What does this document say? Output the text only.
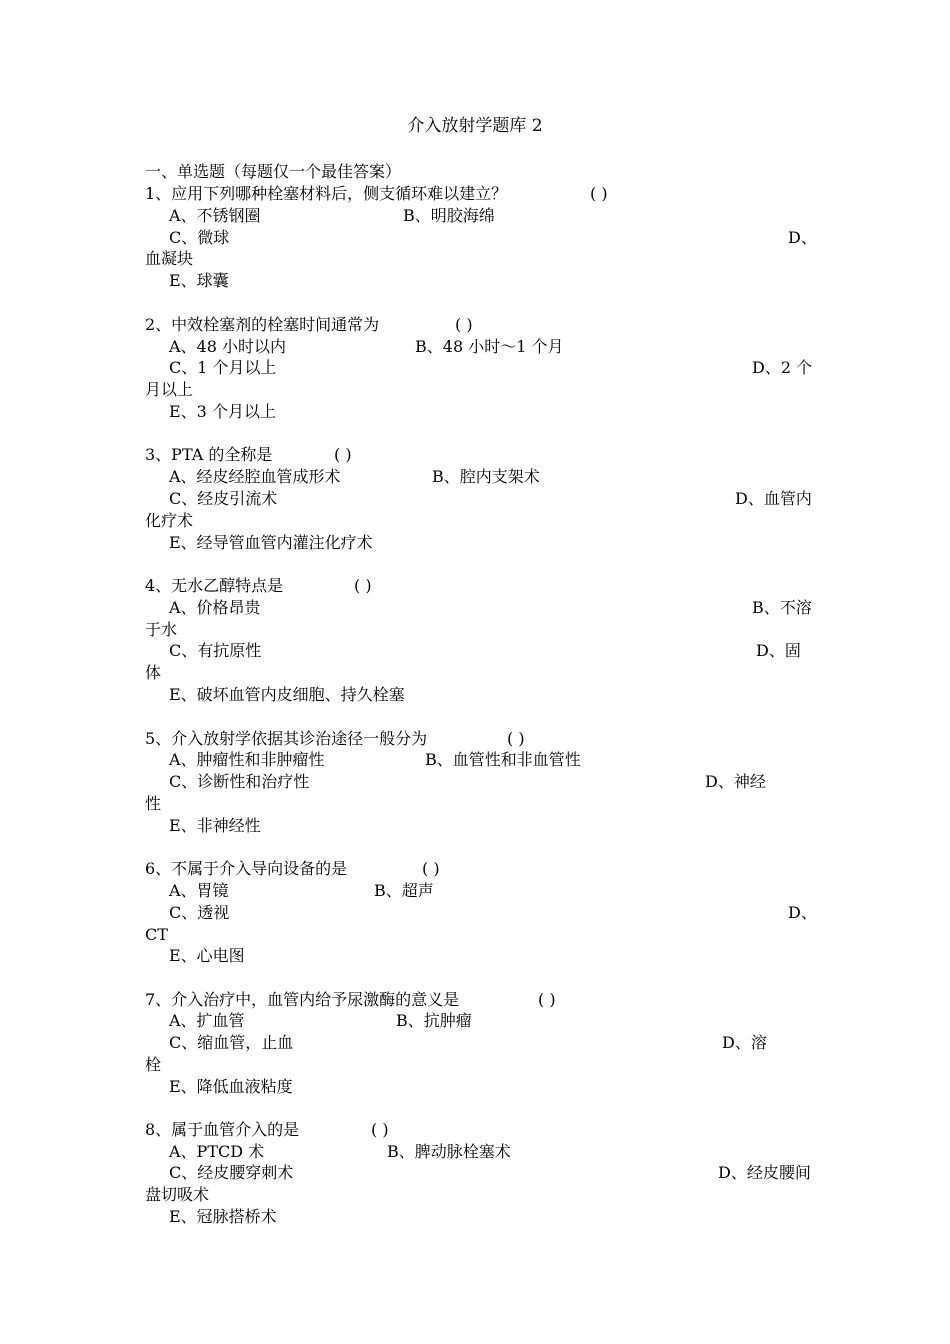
介入放射学题库 2
一、单选题（每题仅一个最佳答案）
1、应用下列哪种栓塞材料后，侧支循环难以建立？	( )
A、不锈钢圈	B、明胶海绵
C、微球	D、
血凝块
E、球囊
2、中效栓塞剂的栓塞时间通常为	( )
A、48 小时以内	B、48 小时～1 个月
C、1 个月以上	D、2 个
月以上
E、3 个月以上
3、PTA 的全称是	( )
A、经皮经腔血管成形术	B、腔内支架术
C、经皮引流术	D、血管内
化疗术
E、经导管血管内灌注化疗术
4、无水乙醇特点是	( )
A、价格昂贵	B、不溶
于水
C、有抗原性	D、固
体
E、破坏血管内皮细胞、持久栓塞
5、介入放射学依据其诊治途径一般分为	( )
A、肿瘤性和非肿瘤性	B、血管性和非血管性
C、诊断性和治疗性	D、神经
性
E、非神经性
6、不属于介入导向设备的是	( )
A、胃镜	B、超声
C、透视	D、
CT
E、心电图
7、介入治疗中，血管内给予尿激酶的意义是	( )
A、扩血管	B、抗肿瘤
C、缩血管，止血	D、溶
栓
E、降低血液粘度
8、属于血管介入的是	( )
A、PTCD 术	B、脾动脉栓塞术
C、经皮腰穿刺术	D、经皮腰间
盘切吸术
E、冠脉搭桥术
